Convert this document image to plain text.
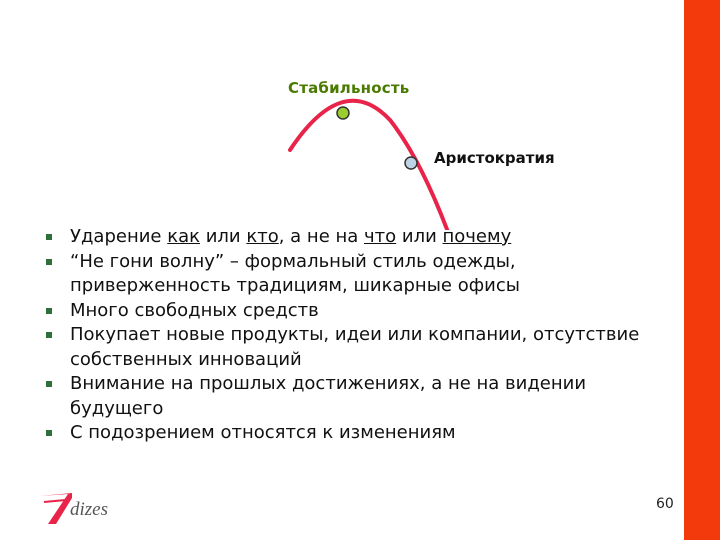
Стабильность
Аристократия
Ударение как или кто, а не на что или почему
“Не гони волну” – формальный стиль одежды, приверженность традициям, шикарные офисы
Много свободных средств
Покупает новые продукты, идеи или компании, отсутствие собственных инноваций
Внимание на прошлых достижениях, а не на видении будущего
С подозрением относятся к изменениям
dizes	60
